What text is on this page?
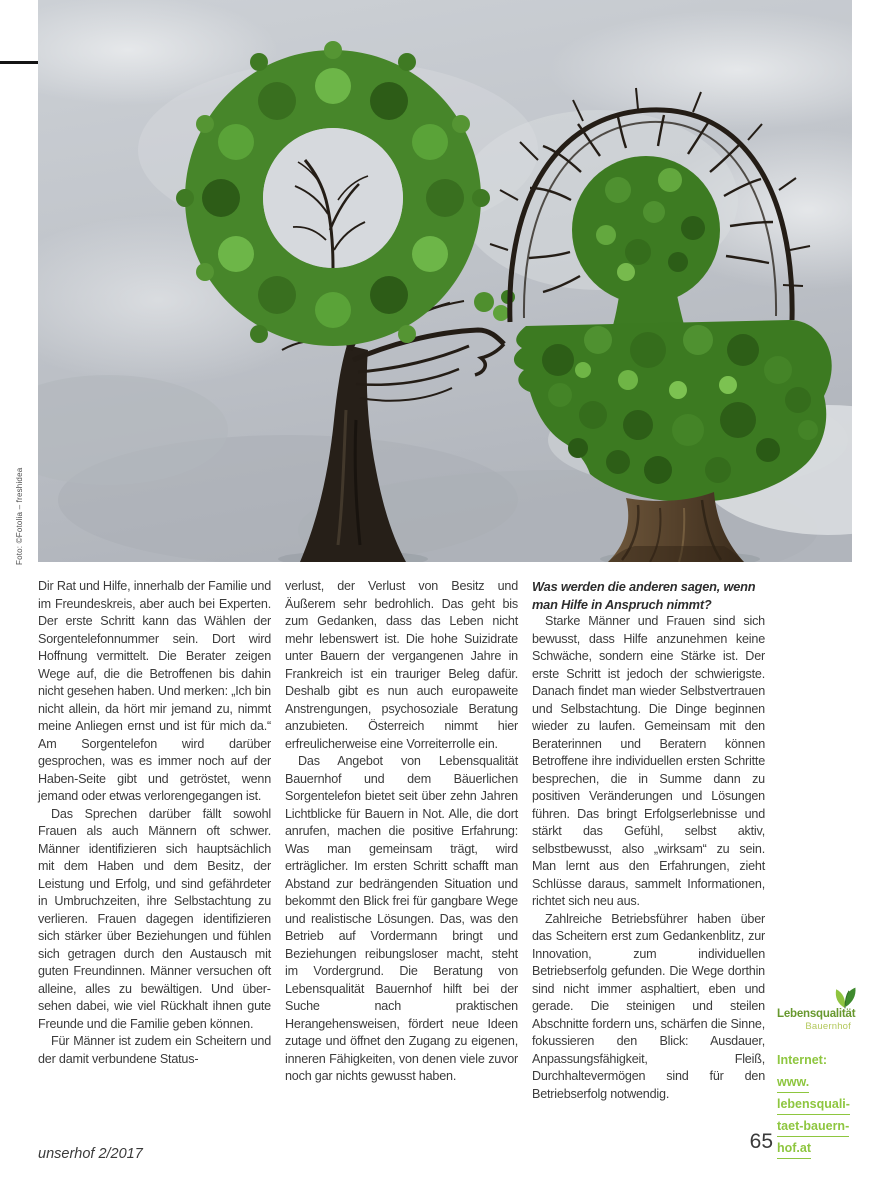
Foto: ©Fotolia – freshidea

Dir Rat und Hilfe, innerhalb der Familie und im Freundeskreis, aber auch bei Experten. Der erste Schritt kann das Wählen der Sorgentelefonnummer sein. Dort wird Hoffnung vermittelt. Die Berater zeigen Wege auf, die die Betroffenen bis dahin nicht gesehen haben. Und merken: „Ich bin nicht allein, da hört mir jemand zu, nimmt meine Anliegen ernst und ist für mich da.“ Am Sorgentelefon wird darüber gesprochen, was es immer noch auf der Haben-Seite gibt und getröstet, wenn jemand oder etwas verlorengegangen ist.

Das Sprechen darüber fällt sowohl Frauen als auch Männern oft schwer. Männer identifizieren sich hauptsächlich mit dem Haben und dem Besitz, der Leistung und Erfolg, und sind gefährdeter in Umbruchzeiten, ihre Selbstachtung zu verlieren. Frauen dagegen identifizieren sich stärker über Beziehungen und fühlen sich getragen durch den Austausch mit guten Freundinnen. Männer versuchen oft alleine, alles zu bewältigen. Und übersehen dabei, wie viel Rückhalt ihnen gute Freunde und die Familie geben können.

Für Männer ist zudem ein Scheitern und der damit verbundene Status-

verlust, der Verlust von Besitz und Äußerem sehr bedrohlich. Das geht bis zum Gedanken, dass das Leben nicht mehr lebenswert ist. Die hohe Suizidrate unter Bauern der vergangenen Jahre in Frankreich ist ein trauriger Beleg dafür. Deshalb gibt es nun auch europaweite Anstrengungen, psychosoziale Beratung anzubieten. Österreich nimmt hier erfreulicherweise eine Vorreiterrolle ein.

Das Angebot von Lebensqualität Bauernhof und dem Bäuerlichen Sorgentelefon bietet seit über zehn Jahren Lichtblicke für Bauern in Not. Alle, die dort anrufen, machen die positive Erfahrung: Was man gemeinsam trägt, wird erträglicher. Im ersten Schritt schafft man Abstand zur bedrängenden Situation und bekommt den Blick frei für gangbare Wege und realistische Lösungen. Das, was den Betrieb auf Vordermann bringt und Beziehungen reibungsloser macht, steht im Vordergrund. Die Beratung von Lebensqualität Bauernhof hilft bei der Suche nach praktischen Herangehensweisen, fördert neue Ideen zutage und öffnet den Zugang zu eigenen, inneren Fähigkeiten, von denen viele zuvor noch gar nichts gewusst haben.

Was werden die anderen sagen, wenn man Hilfe in Anspruch nimmt?

Starke Männer und Frauen sind sich bewusst, dass Hilfe anzunehmen keine Schwäche, sondern eine Stärke ist. Der erste Schritt ist jedoch der schwierigste. Danach findet man wieder Selbstvertrauen und Selbstachtung. Die Dinge beginnen wieder zu laufen. Gemeinsam mit den Beraterinnen und Beratern können Betroffene ihre individuellen ersten Schritte besprechen, die in Summe dann zu positiven Veränderungen und Lösungen führen. Das bringt Erfolgserlebnisse und stärkt das Gefühl, selbst aktiv, selbstbewusst, also „wirksam“ zu sein. Man lernt aus den Erfahrungen, zieht Schlüsse daraus, sammelt Informationen, richtet sich neu aus.

Zahlreiche Betriebsführer haben über das Scheitern erst zum Gedankenblitz, zur Innovation, zum individuellen Betriebserfolg gefunden. Die Wege dorthin sind nicht immer asphaltiert, eben und gerade. Die steinigen und steilen Abschnitte fordern uns, schärfen die Sinne, fokussieren den Blick: Ausdauer, Anpassungsfähigkeit, Fleiß, Durchhaltevermögen sind für den Betriebserfolg notwendig.

Lebensqualität
Bauernhof
Internet:
www.
lebensquali-
taet-bauern-
hof.at
unserhof 2/2017
65
